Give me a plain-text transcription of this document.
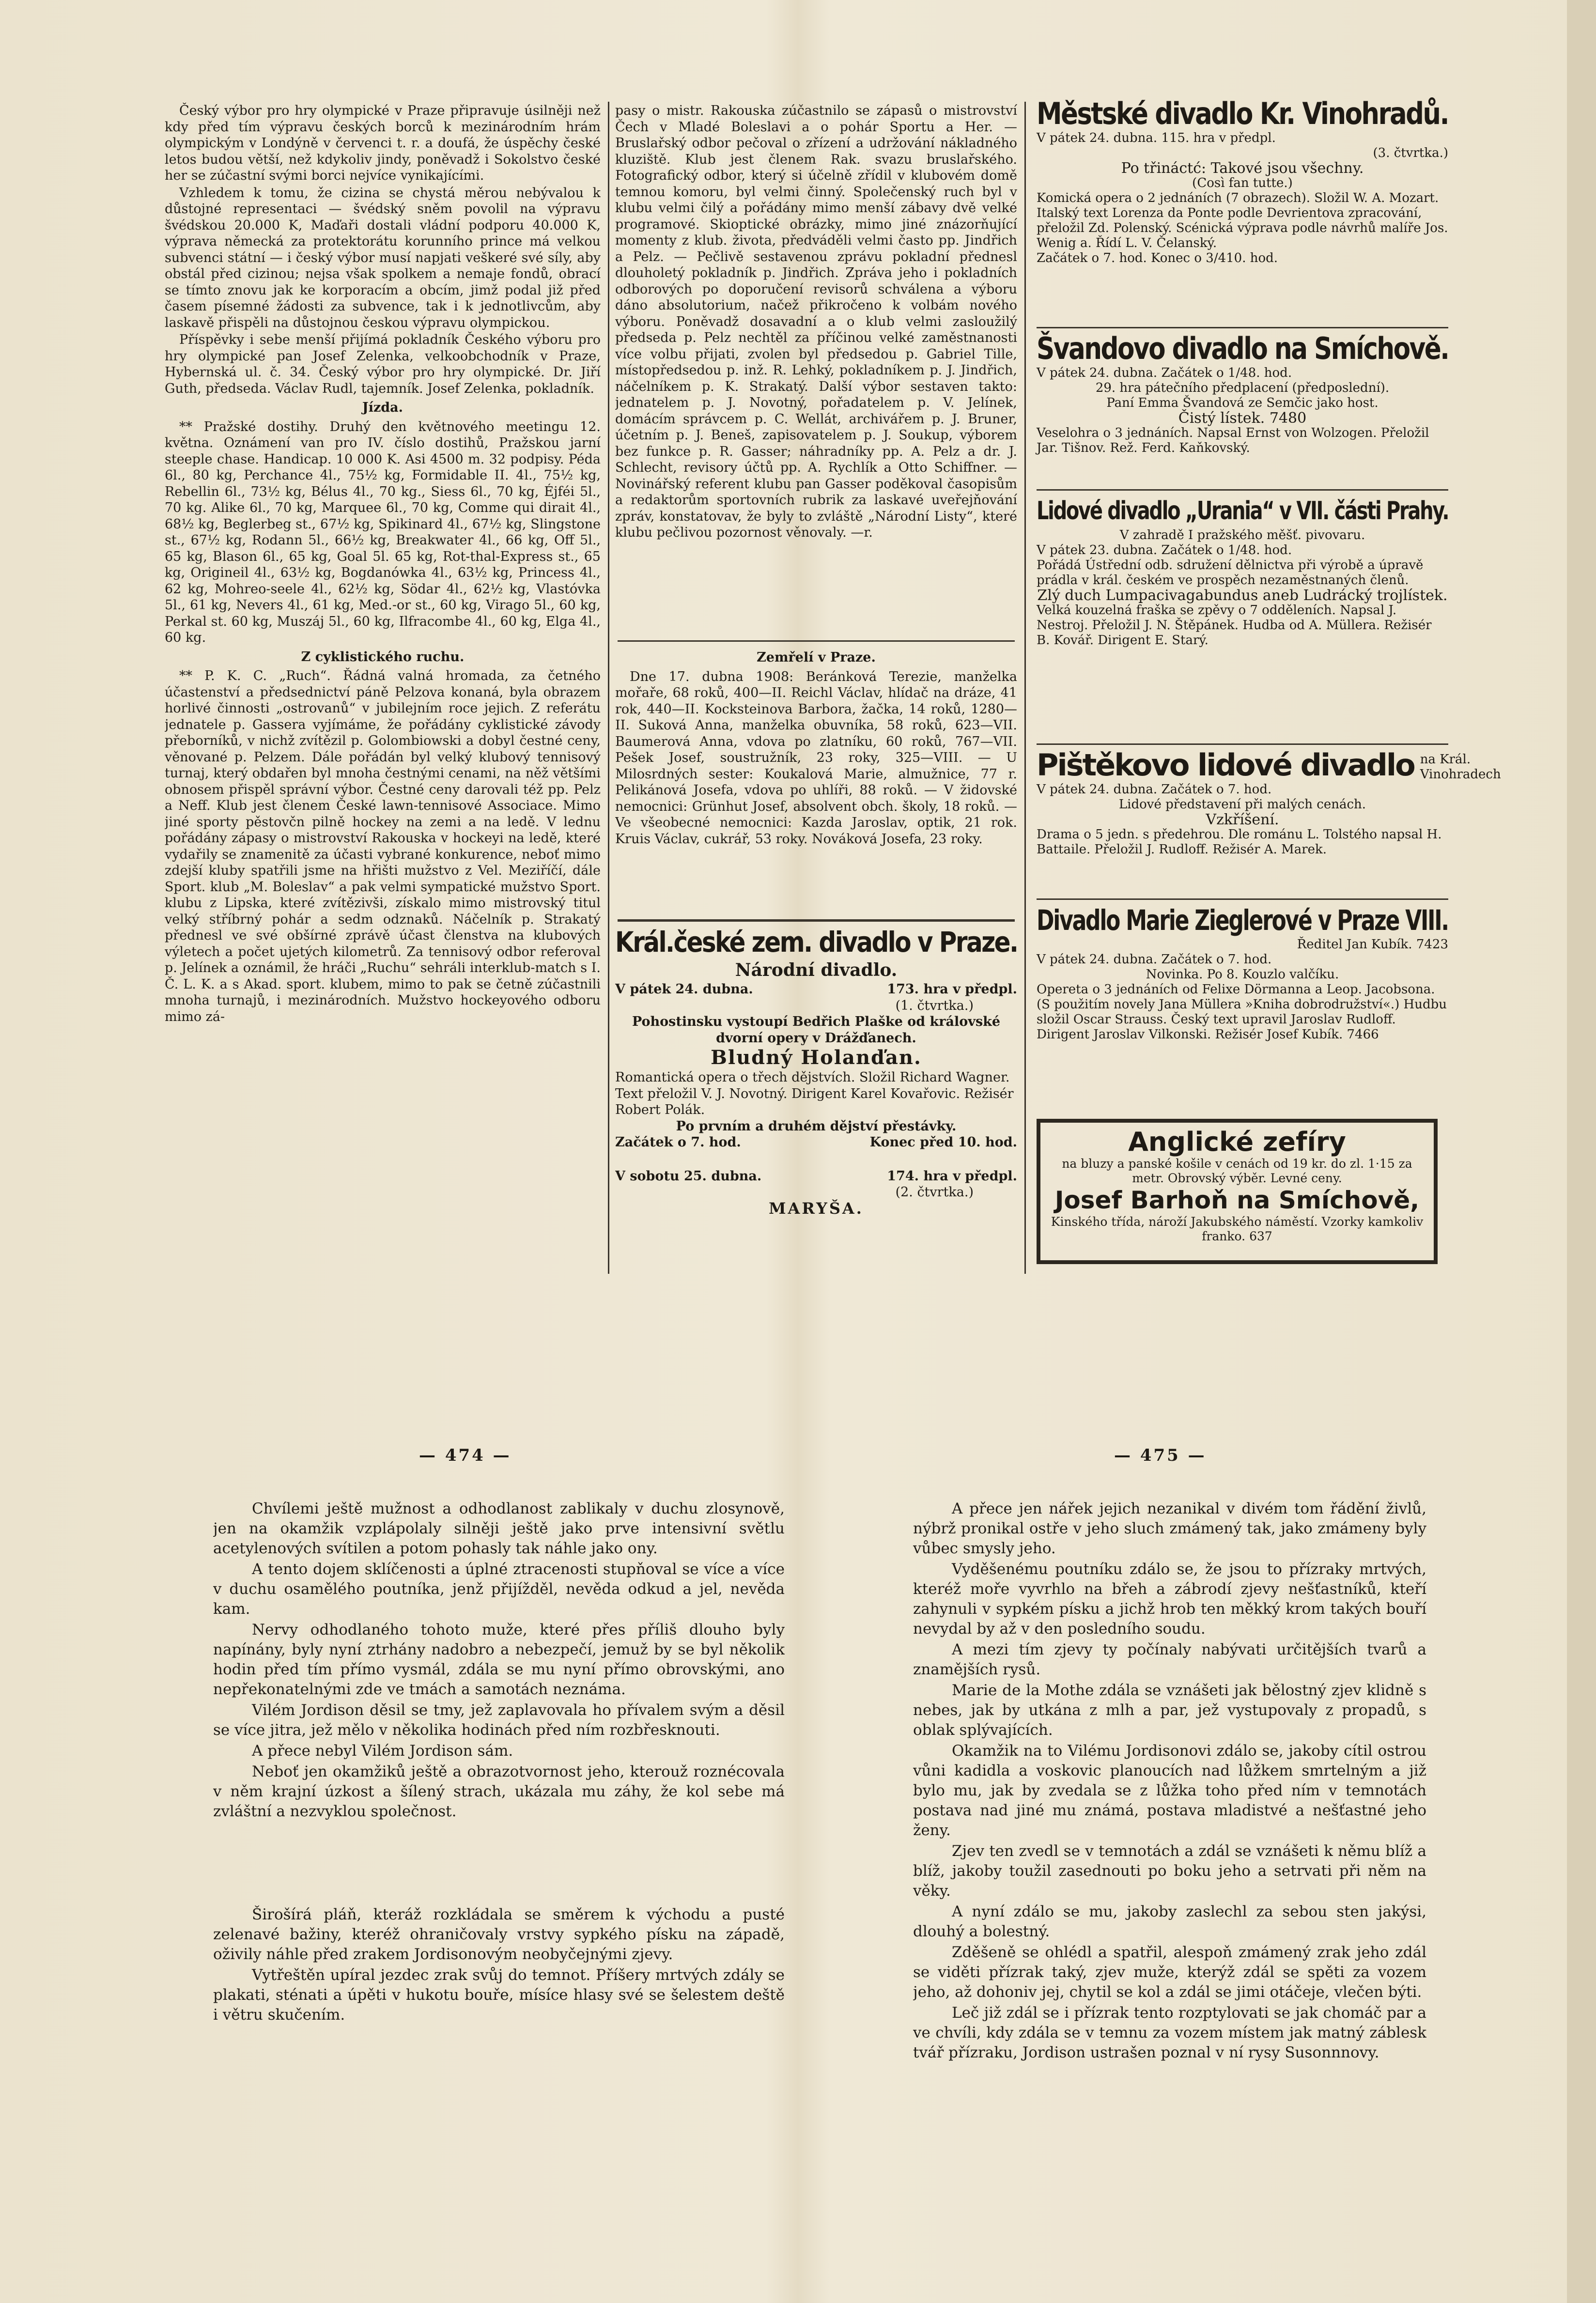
Český výbor pro hry olympické v Praze připravuje úsilněji než kdy před tím výpravu českých borců k mezinárodním hrám olympickým v Londýně v červenci t. r. a doufá, že úspěchy české letos budou větší, než kdykoliv jindy, poněvadž i Sokolstvo české her se zúčastní svými borci nejvíce vynikajícími.

Vzhledem k tomu, že cizina se chystá měrou nebývalou k důstojné representaci — švédský sněm povolil na výpravu švédskou 20.000 K, Maďaři dostali vládní podporu 40.000 K, výprava německá za protektorátu korunního prince má velkou subvenci státní — i český výbor musí napjati veškeré své síly, aby obstál před cizinou; nejsa však spolkem a nemaje fondů, obrací se tímto znovu jak ke korporacím a obcím, jimž podal již před časem písemné žádosti za subvence, tak i k jednotlivcům, aby laskavě přispěli na důstojnou českou výpravu olympickou.

Příspěvky i sebe menší přijímá pokladník Českého výboru pro hry olympické pan Josef Zelenka, velkoobchodník v Praze, Hybernská ul. č. 34. Český výbor pro hry olympické. Dr. Jiří Guth, předseda. Václav Rudl, tajemník. Josef Zelenka, pokladník.

Jízda.

** Pražské dostihy. Druhý den květnového meetingu 12. května. Oznámení van pro IV. číslo dostihů, Pražskou jarní steeple chase. Handicap. 10 000 K. Asi 4500 m. 32 podpisy. Péda 6l., 80 kg, Perchance 4l., 75½ kg, Formidable II. 4l., 75½ kg, Rebellin 6l., 73½ kg, Bélus 4l., 70 kg., Siess 6l., 70 kg, Éjféi 5l., 70 kg. Alike 6l., 70 kg, Marquee 6l., 70 kg, Comme qui dirait 4l., 68½ kg, Beglerbeg st., 67½ kg, Spikinard 4l., 67½ kg, Slingstone st., 67½ kg, Rodann 5l., 66½ kg, Breakwater 4l., 66 kg, Off 5l., 65 kg, Blason 6l., 65 kg, Goal 5l. 65 kg, Rot-thal-Express st., 65 kg, Origineil 4l., 63½ kg, Bogdanówka 4l., 63½ kg, Princess 4l., 62 kg, Mohreo-seele 4l., 62½ kg, Södar 4l., 62½ kg, Vlastóvka 5l., 61 kg, Nevers 4l., 61 kg, Med.-or st., 60 kg, Virago 5l., 60 kg, Perkal st. 60 kg, Muszáj 5l., 60 kg, Ilfracombe 4l., 60 kg, Elga 4l., 60 kg.

Z cyklistického ruchu.

** P. K. C. „Ruch“. Řádná valná hromada, za četného účastenství a předsednictví páně Pelzova konaná, byla obrazem horlivé činnosti „ostrovanů“ v jubilejním roce jejich. Z referátu jednatele p. Gassera vyjímáme, že pořádány cyklistické závody přeborníků, v nichž zvítězil p. Golombiowski a dobyl čestné ceny, věnované p. Pelzem. Dále pořádán byl velký klubový tennisový turnaj, který obdařen byl mnoha čestnými cenami, na něž většími obnosem přispěl správní výbor. Čestné ceny darovali též pp. Pelz a Neff. Klub jest členem České lawn-tennisové Associace. Mimo jiné sporty pěstovčn pilně hockey na zemi a na ledě. V lednu pořádány zápasy o mistrovství Rakouska v hockeyi na ledě, které vydařily se znamenitě za účasti vybrané konkurence, neboť mimo zdejší kluby spatřili jsme na hřišti mužstvo z Vel. Meziříčí, dále Sport. klub „M. Boleslav“ a pak velmi sympatické mužstvo Sport. klubu z Lipska, které zvítězivši, získalo mimo mistrovský titul velký stříbrný pohár a sedm odznaků. Náčelník p. Strakatý přednesl ve své obšírné zprávě účast členstva na klubových výletech a počet ujetých kilometrů. Za tennisový odbor referoval p. Jelínek a oznámil, že hráči „Ruchu“ sehráli interklub-match s I. Č. L. K. a s Akad. sport. klubem, mimo to pak se četně zúčastnili mnoha turnajů, i mezinárodních. Mužstvo hockeyového odboru mimo zá-

pasy o mistr. Rakouska zúčastnilo se zápasů o mistrovství Čech v Mladé Boleslavi a o pohár Sportu a Her. — Bruslařský odbor pečoval o zřízení a udržování nákladného kluziště. Klub jest členem Rak. svazu bruslařského. Fotografický odbor, který si účelně zřídil v klubovém domě temnou komoru, byl velmi činný. Společenský ruch byl v klubu velmi čilý a pořádány mimo menší zábavy dvě velké programové. Skioptické obrázky, mimo jiné znázorňující momenty z klub. života, předváděli velmi často pp. Jindřich a Pelz. — Pečlivě sestavenou zprávu pokladní přednesl dlouholetý pokladník p. Jindřich. Zpráva jeho i pokladních odborových po doporučení revisorů schválena a výboru dáno absolutorium, načež přikročeno k volbám nového výboru. Poněvadž dosavadní a o klub velmi zasloužilý předseda p. Pelz nechtěl za příčinou velké zaměstnanosti více volbu přijati, zvolen byl předsedou p. Gabriel Tille, místopředsedou p. inž. R. Lehký, pokladníkem p. J. Jindřich, náčelníkem p. K. Strakatý. Další výbor sestaven takto: jednatelem p. J. Novotný, pořadatelem p. V. Jelínek, domácím správcem p. C. Wellát, archivářem p. J. Bruner, účetním p. J. Beneš, zapisovatelem p. J. Soukup, výborem bez funkce p. R. Gasser; náhradníky pp. A. Pelz a dr. J. Schlecht, revisory účtů pp. A. Rychlík a Otto Schiffner. — Novinářský referent klubu pan Gasser poděkoval časopisům a redaktorům sportovních rubrik za laskavé uveřejňování zpráv, konstatovav, že byly to zvláště „Národní Listy“, které klubu pečlivou pozornost věnovaly. —r.

Zemřelí v Praze.

Dne 17. dubna 1908: Beránková Terezie, manželka mořaře, 68 roků, 400—II. Reichl Václav, hlídač na dráze, 41 rok, 440—II. Kocksteinova Barbora, žačka, 14 roků, 1280—II. Suková Anna, manželka obuvníka, 58 roků, 623—VII. Baumerová Anna, vdova po zlatníku, 60 roků, 767—VII. Pešek Josef, soustružník, 23 roky, 325—VIII. — U Milosrdných sester: Koukalová Marie, almužnice, 77 r. Pelikánová Josefa, vdova po uhlíři, 88 roků. — V židovské nemocnici: Grünhut Josef, absolvent obch. školy, 18 roků. — Ve všeobecné nemocnici: Kazda Jaroslav, optik, 21 rok. Kruis Václav, cukrář, 53 roky. Nováková Josefa, 23 roky.

Král.české zem. divadlo v Praze.
Národní divadlo.
V pátek 24. dubna.	173. hra v předpl.
(1. čtvrtka.)
Pohostinsku vystoupí Bedřich Plaške od královské dvorní opery v Drážďanech.
Bludný Holanďan.
Romantická opera o třech dějstvích. Složil Richard Wagner. Text přeložil V. J. Novotný. Dirigent Karel Kovařovic. Režisér Robert Polák.
Po prvním a druhém dějství přestávky.
Začátek o 7. hod.	Konec před 10. hod.
V sobotu 25. dubna.	174. hra v předpl.
(2. čtvrtka.)
MARYŠA.
Městské divadlo Kr. Vinohradů.
V pátek 24. dubna. 115. hra v předpl.
(3. čtvrtka.)
Po třináctć: Takové jsou všechny.
(Così fan tutte.)
Komická opera o 2 jednáních (7 obrazech). Složil W. A. Mozart. Italský text Lorenza da Ponte podle Devrientova zpracování, přeložil Zd. Polenský. Scénická výprava podle návrhů malíře Jos. Wenig a. Řídí L. V. Čelanský.
Začátek o 7. hod. Konec o 3/410. hod.
Švandovo divadlo na Smíchově.
V pátek 24. dubna. Začátek o 1/48. hod.
29. hra pátečního předplacení (předposlední).
Paní Emma Švandová ze Semčic jako host.
Čistý lístek. 7480
Veselohra o 3 jednáních. Napsal Ernst von Wolzogen. Přeložil Jar. Tišnov. Rež. Ferd. Kaňkovský.
Lidové divadlo „Urania“ v VII. části Prahy.
V zahradě I pražského měšť. pivovaru.
V pátek 23. dubna. Začátek o 1/48. hod.
Pořádá Ústřední odb. sdružení dělnictva při výrobě a úpravě prádla v král. českém ve prospěch nezaměstnaných členů.
Zlý duch Lumpacivagabundus aneb Ludrácký trojlístek.
Velká kouzelná fraška se zpěvy o 7 odděleních. Napsal J. Nestroj. Přeložil J. N. Štěpánek. Hudba od A. Müllera. Režisér B. Kovář. Dirigent E. Starý.
Pištěkovo lidové divadlo na Král. Vinohradech
V pátek 24. dubna. Začátek o 7. hod.
Lidové představení při malých cenách.
Vzkříšení.
Drama o 5 jedn. s předehrou. Dle románu L. Tolstého napsal H. Battaile. Přeložil J. Rudloff. Režisér A. Marek.
Divadlo Marie Zieglerové v Praze VIII.
Ředitel Jan Kubík. 7423
V pátek 24. dubna. Začátek o 7. hod.
Novinka. Po 8. Kouzlo valčíku.
Opereta o 3 jednáních od Felixe Dörmanna a Leop. Jacobsona. (S použitím novely Jana Müllera »Kniha dobrodružství«.) Hudbu složil Oscar Strauss. Český text upravil Jaroslav Rudloff. Dirigent Jaroslav Vilkonski. Režisér Josef Kubík. 7466
Anglické zefíry
na bluzy a panské košile v cenách od 19 kr. do zl. 1·15 za metr. Obrovský výběr. Levné ceny.
Josef Barhoň na Smíchově,
Kinského třída, nároží Jakubského náměstí. Vzorky kamkoliv franko. 637
— 474 —	— 475 —

Chvílemi ještě mužnost a odhodlanost zablikaly v duchu zlosynově, jen na okamžik vzplápolaly silněji ještě jako prve intensivní světlu acetylenových svítilen a potom pohasly tak náhle jako ony.

A tento dojem sklíčenosti a úplné ztracenosti stupňoval se více a více v duchu osamělého poutníka, jenž přijížděl, nevěda odkud a jel, nevěda kam.

Nervy odhodlaného tohoto muže, které přes příliš dlouho byly napínány, byly nyní ztrhány nadobro a nebezpečí, jemuž by se byl několik hodin před tím přímo vysmál, zdála se mu nyní přímo obrovskými, ano nepřekonatelnými zde ve tmách a samotách neznáma.

Vilém Jordison děsil se tmy, jež zaplavovala ho přívalem svým a děsil se více jitra, jež mělo v několika hodinách před ním rozbřesknouti.

A přece nebyl Vilém Jordison sám.

Neboť jen okamžiků ještě a obrazotvornost jeho, kterouž roznécovala v něm krajní úzkost a šílený strach, ukázala mu záhy, že kol sebe má zvláštní a nezvyklou společnost.

Širošírá pláň, kteráž rozkládala se směrem k východu a pusté zelenavé bažiny, kteréž ohraničovaly vrstvy sypkého písku na západě, oživily náhle před zrakem Jordisonovým neobyčejnými zjevy.

Vytřeštěn upíral jezdec zrak svůj do temnot. Příšery mrtvých zdály se plakati, sténati a úpěti v hukotu bouře, mísíce hlasy své se šelestem deště i větru skučením.

A přece jen nářek jejich nezanikal v divém tom řádění živlů, nýbrž pronikal ostře v jeho sluch zmámený tak, jako zmámeny byly vůbec smysly jeho.

Vyděšenému poutníku zdálo se, že jsou to přízraky mrtvých, kteréž moře vyvrhlo na břeh a zábrodí zjevy nešťastníků, kteří zahynuli v sypkém písku a jichž hrob ten měkký krom takých bouří nevydal by až v den posledního soudu.

A mezi tím zjevy ty počínaly nabývati určitějších tvarů a znamějších rysů.

Marie de la Mothe zdála se vznášeti jak bělostný zjev klidně s nebes, jak by utkána z mlh a par, jež vystupovaly z propadů, s oblak splývajících.

Okamžik na to Vilému Jordisonovi zdálo se, jakoby cítil ostrou vůni kadidla a voskovic planoucích nad lůžkem smrtelným a již bylo mu, jak by zvedala se z lůžka toho před ním v temnotách postava nad jiné mu známá, postava mladistvé a nešťastné jeho ženy.

Zjev ten zvedl se v temnotách a zdál se vznášeti k němu blíž a blíž, jakoby toužil zasednouti po boku jeho a setrvati při něm na věky.

A nyní zdálo se mu, jakoby zaslechl za sebou sten jakýsi, dlouhý a bolestný.

Zděšeně se ohlédl a spatřil, alespoň zmámený zrak jeho zdál se viděti přízrak taký, zjev muže, kterýž zdál se spěti za vozem jeho, až dohoniv jej, chytil se kol a zdál se jimi otáčeje, vlečen býti.

Leč již zdál se i přízrak tento rozptylovati se jak chomáč par a ve chvíli, kdy zdála se v temnu za vozem místem jak matný záblesk tvář přízraku, Jordison ustrašen poznal v ní rysy Susonnnovy.
